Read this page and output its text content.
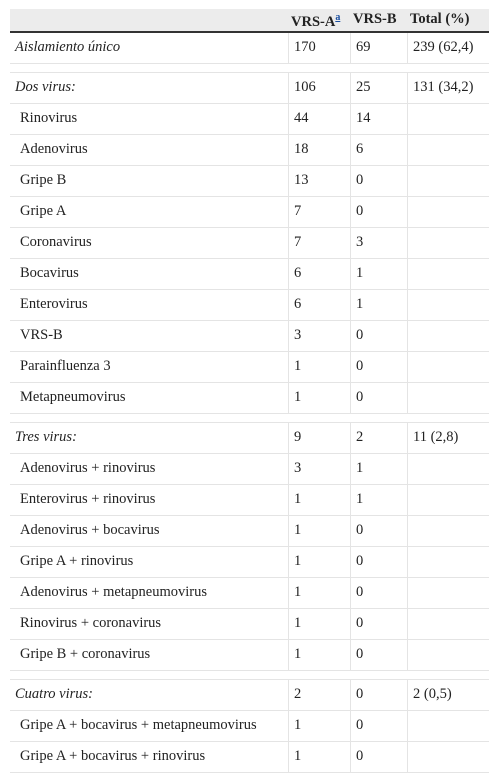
	VRS-A$^a$	VRS-B	Total (%)
Aislamiento único	170	69	239 (62,4)

Dos virus:	106	25	131 (34,2)
Rinovirus	44	14	
Adenovirus	18	6	
Gripe B	13	0	
Gripe A	7	0	
Coronavirus	7	3	
Bocavirus	6	1	
Enterovirus	6	1	
VRS-B	3	0	
Parainfluenza 3	1	0	
Metapneumovirus	1	0	

Tres virus:	9	2	11 (2,8)
Adenovirus + rinovirus	3	1	
Enterovirus + rinovirus	1	1	
Adenovirus + bocavirus	1	0	
Gripe A + rinovirus	1	0	
Adenovirus + metapneumovirus	1	0	
Rinovirus + coronavirus	1	0	
Gripe B + coronavirus	1	0	

Cuatro virus:	2	0	2 (0,5)
Gripe A + bocavirus + metapneumovirus	1	0	
Gripe A + bocavirus + rinovirus	1	0	
